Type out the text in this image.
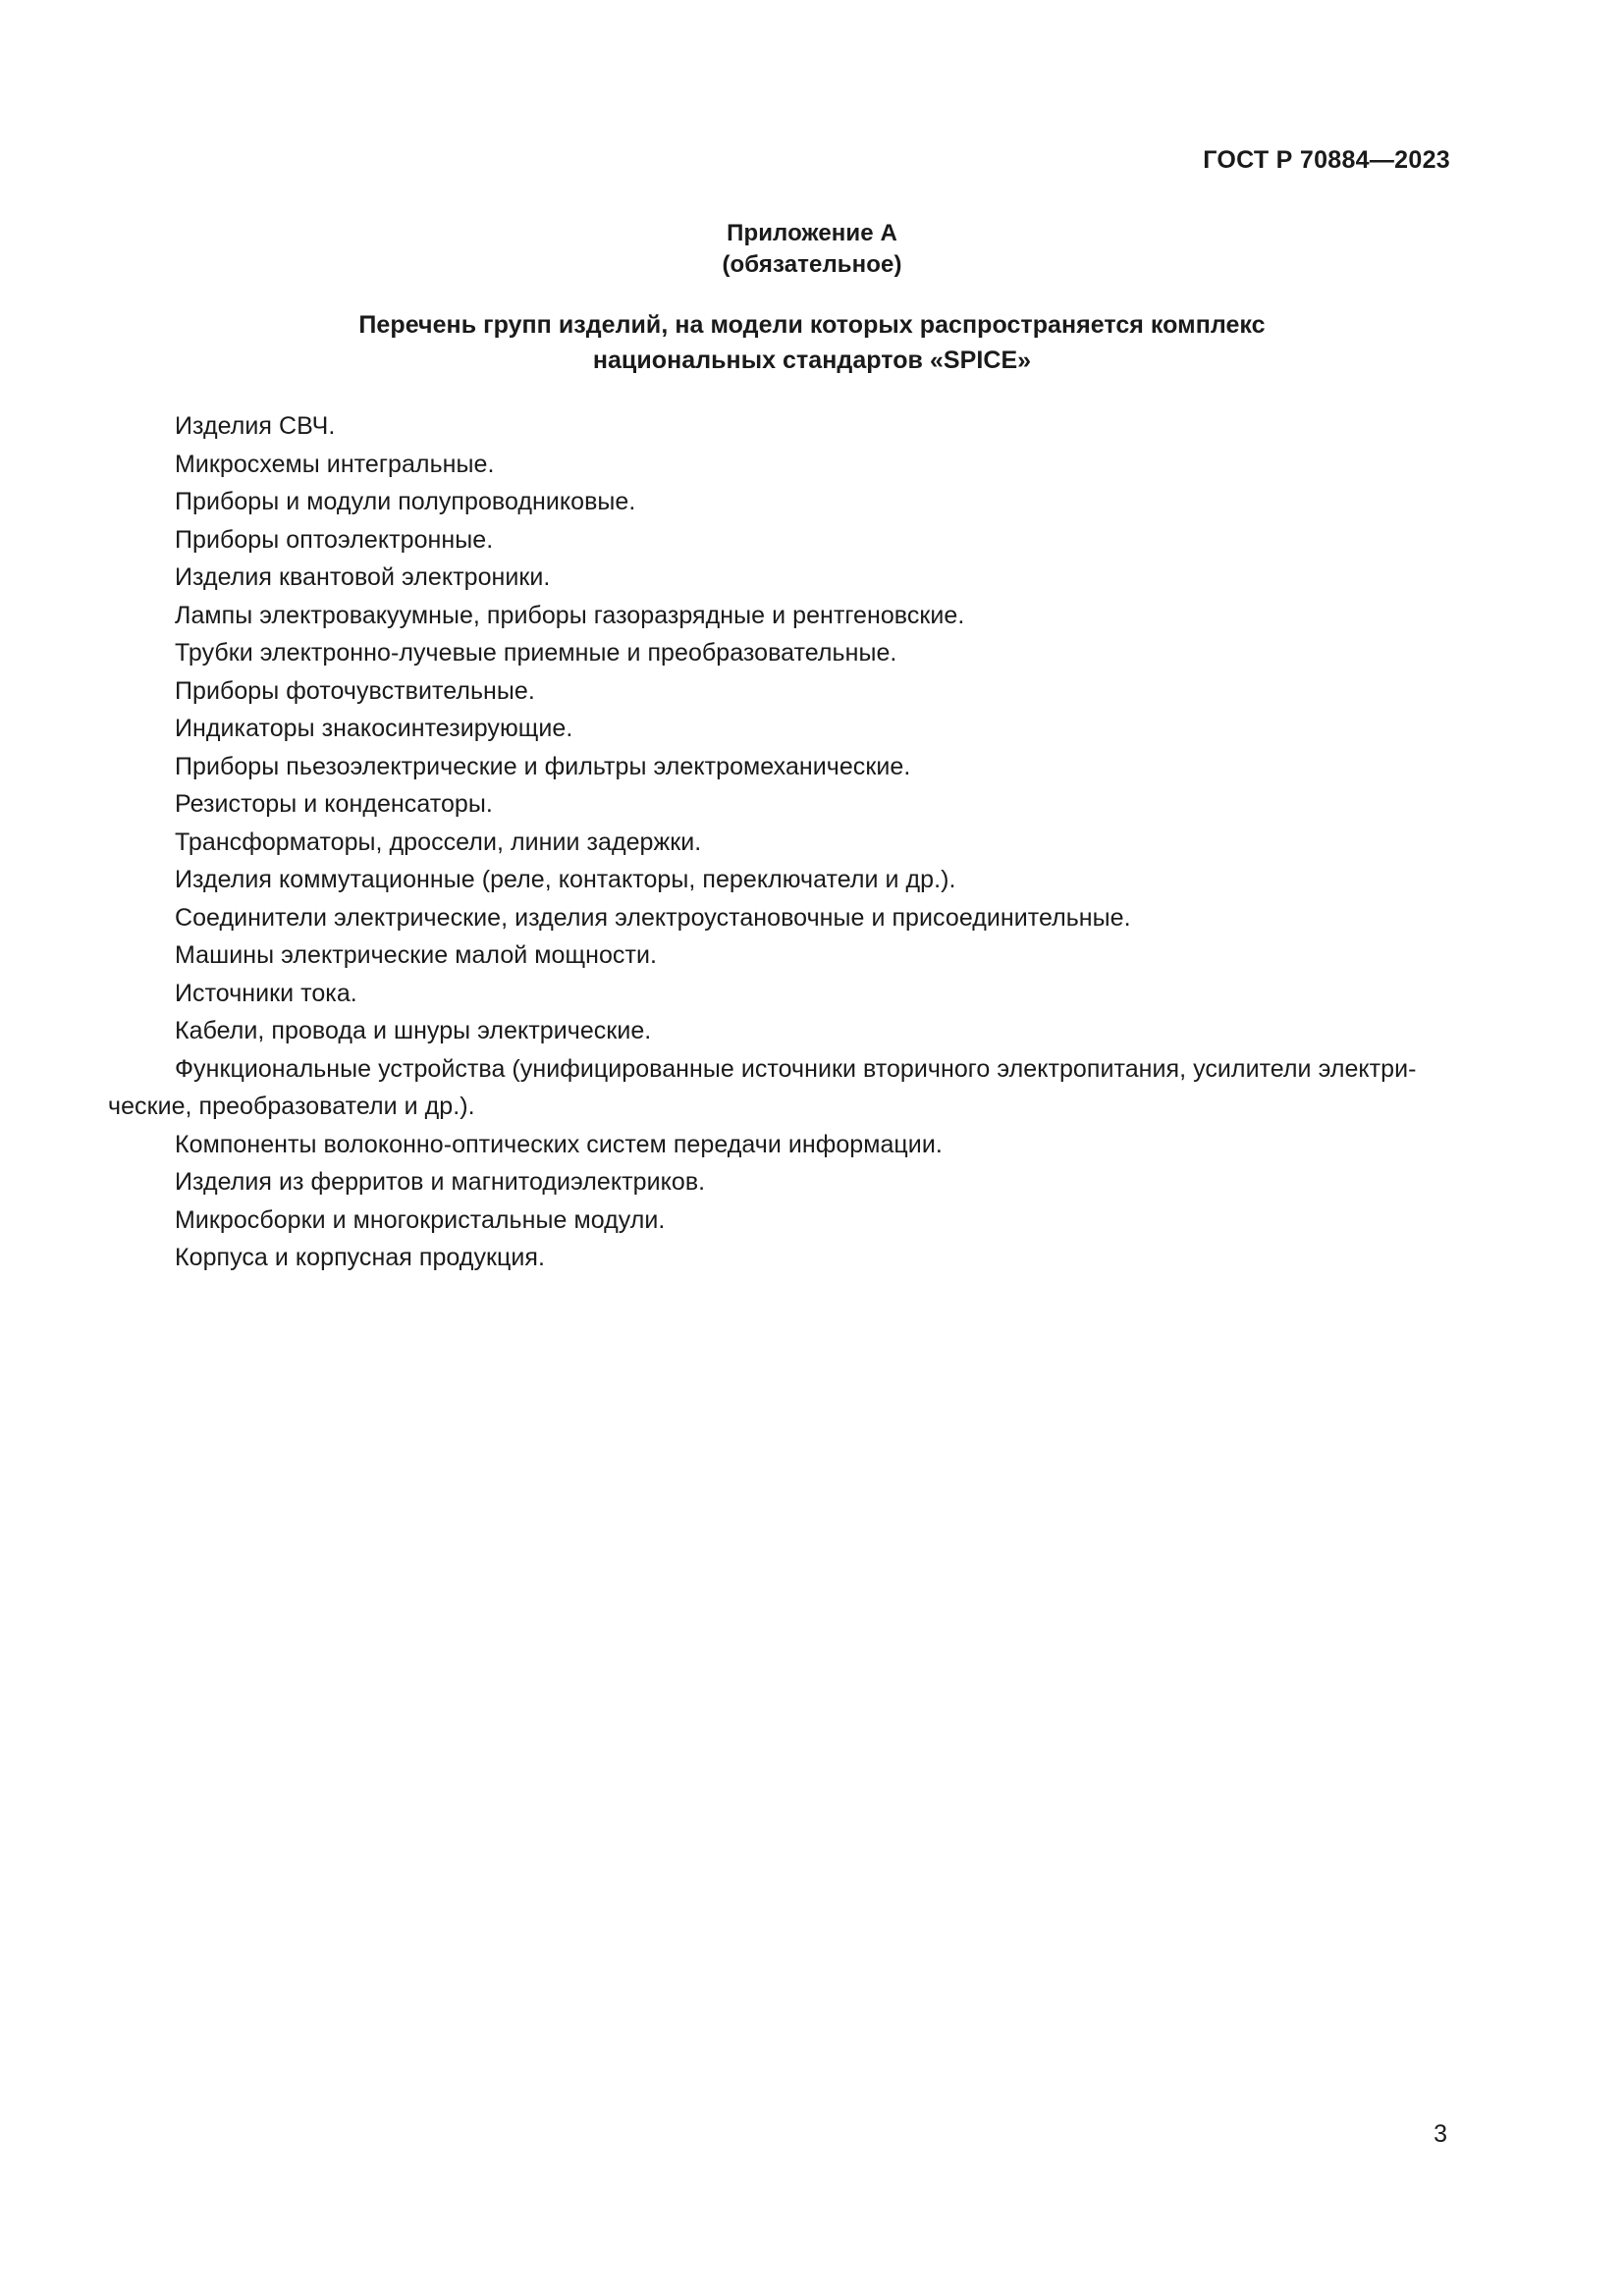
ГОСТ Р 70884—2023
Приложение А
(обязательное)
Перечень групп изделий, на модели которых распространяется комплекс
национальных стандартов «SPICE»
Изделия СВЧ.
Микросхемы интегральные.
Приборы и модули полупроводниковые.
Приборы оптоэлектронные.
Изделия квантовой электроники.
Лампы электровакуумные, приборы газоразрядные и рентгеновские.
Трубки электронно-лучевые приемные и преобразовательные.
Приборы фоточувствительные.
Индикаторы знакосинтезирующие.
Приборы пьезоэлектрические и фильтры электромеханические.
Резисторы и конденсаторы.
Трансформаторы, дроссели, линии задержки.
Изделия коммутационные (реле, контакторы, переключатели и др.).
Соединители электрические, изделия электроустановочные и присоединительные.
Машины электрические малой мощности.
Источники тока.
Кабели, провода и шнуры электрические.
Функциональные устройства (унифицированные источники вторичного электропитания, усилители электри-
ческие, преобразователи и др.).
Компоненты волоконно-оптических систем передачи информации.
Изделия из ферритов и магнитодиэлектриков.
Микросборки и многокристальные модули.
Корпуса и корпусная продукция.
3
